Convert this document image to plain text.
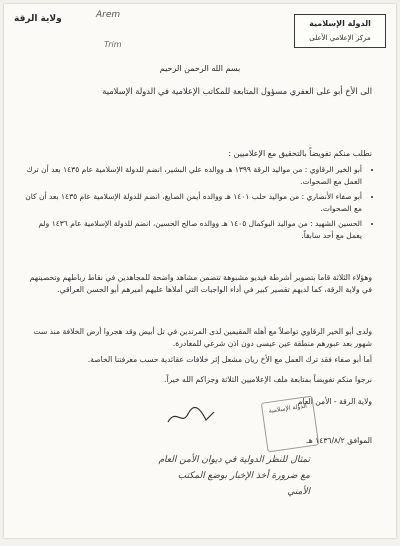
ولاية الرقة	Arem
Trim
الدولة الإسلامية
مركز الإعلامي الأعلى
بسم الله الرحمن الرحيم
الى الأخ أبو على العفري مسؤول المتابعة للمكاتب الإعلامية في الدولة الإسلامية
نطلب منكم تفويضاً بالتحقيق مع الإعلاميين :
• أبو الخير الرقاوي : من مواليد الرقة ١٣٩٩ هـ ووالده علي البشير، انضم للدولة الإسلامية عام ١٤٣٥ بعد أن ترك العمل مع الصحوات.
• أبو صفاء الأنصاري : من مواليد حلب ١٤٠١ هـ ووالده أيمن الصايغ، انضم للدولة الإسلامية عام ١٤٣٥ بعد أن كان مع الصحوات.
• الحسين الشهيد : من مواليد البوكمال ١٤٠٥ هـ ووالده صالح الحسين، انضم للدولة الإسلامية عام ١٤٣٦ ولم يعمل مع أحد سابقاً.
وهؤلاء الثلاثة قاما بتصوير أشرطة فيديو مشبوهة تتضمن مشاهد واضحة للمجاهدين في نقاط رباطهم وتحصينهم في ولاية الرقة، كما لديهم تقصير كبير في أداء الواجبات التي أملاها عليهم أميرهم أبو الحسن العراقي.
ولدى أبو الخير الرقاوي تواصلاً مع أهله المقيمين لدى المرتدين في تل أبيض وقد هجروا أرض الخلافة منذ ست شهور بعد عبورهم منطقة عين عيسى دون اذن شرعي للمغادرة.
أما أبو صفاء فقد ترك العمل مع الأخ ريان مشعل إثر خلافات عقائدية حسب معرفتنا الخاصة.
نرجوا منكم تفويضاً بمتابعة ملف الإعلاميين الثلاثة وجزاكم الله خيراً.
ولاية الرقة - الأمن العام
الموافق ١٤٣٦/٨/٢ هـ
الدولة الإسلامية
تمثال للنظر الدولية في ديوان الأمن العام
مع ضرورة أخذ الإخبار بوضع المكتب
الأمني
